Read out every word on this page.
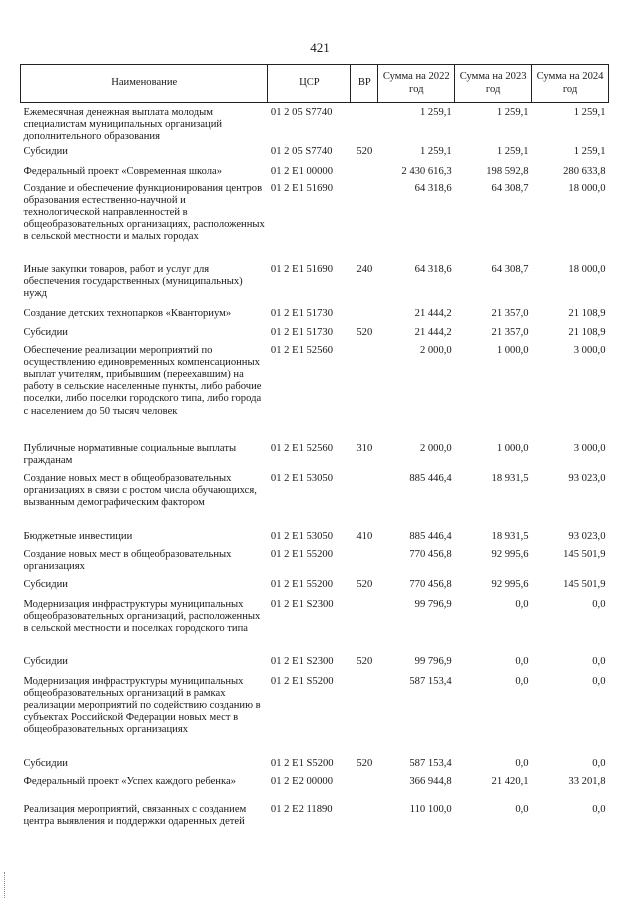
421
Наименование	ЦСР	ВР	Сумма на 2022 год	Сумма на 2023 год	Сумма на 2024 год
Ежемесячная денежная выплата молодым специалистам муниципальных организаций дополнительного образования	01 2 05 S7740		1 259,1	1 259,1	1 259,1
Субсидии	01 2 05 S7740	520	1 259,1	1 259,1	1 259,1
Федеральный проект «Современная школа»	01 2 E1 00000		2 430 616,3	198 592,8	280 633,8
Создание и обеспечение функционирования центров образования естественно-научной и технологической направленностей в общеобразовательных организациях, расположенных в сельской местности и малых городах	01 2 E1 51690		64 318,6	64 308,7	18 000,0
Иные закупки товаров, работ и услуг для обеспечения государственных (муниципальных) нужд	01 2 E1 51690	240	64 318,6	64 308,7	18 000,0
Создание детских технопарков «Кванториум»	01 2 E1 51730		21 444,2	21 357,0	21 108,9
Субсидии	01 2 E1 51730	520	21 444,2	21 357,0	21 108,9
Обеспечение реализации мероприятий по осуществлению единовременных компенсационных выплат учителям, прибывшим (переехавшим) на работу в сельские населенные пункты, либо рабочие поселки, либо поселки городского типа, либо города с населением до 50 тысяч человек	01 2 E1 52560		2 000,0	1 000,0	3 000,0
Публичные нормативные социальные выплаты гражданам	01 2 E1 52560	310	2 000,0	1 000,0	3 000,0
Создание новых мест в общеобразовательных организациях в связи с ростом числа обучающихся, вызванным демографическим фактором	01 2 E1 53050		885 446,4	18 931,5	93 023,0
Бюджетные инвестиции	01 2 E1 53050	410	885 446,4	18 931,5	93 023,0
Создание новых мест в общеобразовательных организациях	01 2 E1 55200		770 456,8	92 995,6	145 501,9
Субсидии	01 2 E1 55200	520	770 456,8	92 995,6	145 501,9
Модернизация инфраструктуры муниципальных общеобразовательных организаций, расположенных в сельской местности и поселках городского типа	01 2 E1 S2300		99 796,9	0,0	0,0
Субсидии	01 2 E1 S2300	520	99 796,9	0,0	0,0
Модернизация инфраструктуры муниципальных общеобразовательных организаций в рамках реализации мероприятий по содействию созданию в субъектах Российской Федерации новых мест в общеобразовательных организациях	01 2 E1 S5200		587 153,4	0,0	0,0
Субсидии	01 2 E1 S5200	520	587 153,4	0,0	0,0
Федеральный проект «Успех каждого ребенка»	01 2 E2 00000		366 944,8	21 420,1	33 201,8
Реализация мероприятий, связанных с созданием центра выявления и поддержки одаренных детей	01 2 E2 11890		110 100,0	0,0	0,0
